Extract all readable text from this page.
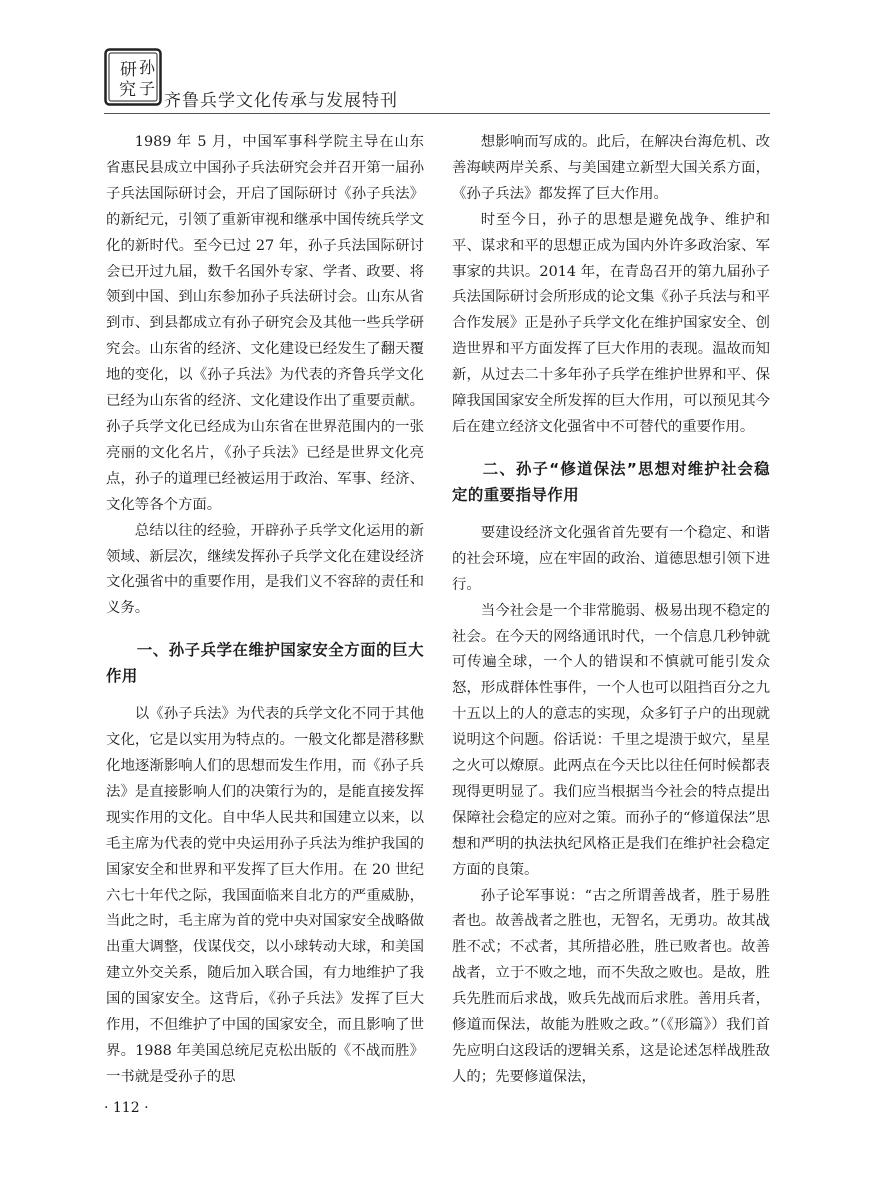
研 孙
究 子
齐鲁兵学文化传承与发展特刊

1989 年 5 月，中国军事科学院主导在山东省惠民县成立中国孙子兵法研究会并召开第一届孙子兵法国际研讨会，开启了国际研讨《孙子兵法》的新纪元，引领了重新审视和继承中国传统兵学文化的新时代。至今已过 27 年，孙子兵法国际研讨会已开过九届，数千名国外专家、学者、政要、将领到中国、到山东参加孙子兵法研讨会。山东从省到市、到县都成立有孙子研究会及其他一些兵学研究会。山东省的经济、文化建设已经发生了翻天覆地的变化，以《孙子兵法》为代表的齐鲁兵学文化已经为山东省的经济、文化建设作出了重要贡献。孙子兵学文化已经成为山东省在世界范围内的一张亮丽的文化名片，《孙子兵法》已经是世界文化亮点，孙子的道理已经被运用于政治、军事、经济、文化等各个方面。

总结以往的经验，开辟孙子兵学文化运用的新领域、新层次，继续发挥孙子兵学文化在建设经济文化强省中的重要作用，是我们义不容辞的责任和义务。

一、孙子兵学在维护国家安全方面的巨大作用

以《孙子兵法》为代表的兵学文化不同于其他文化，它是以实用为特点的。一般文化都是潜移默化地逐渐影响人们的思想而发生作用，而《孙子兵法》是直接影响人们的决策行为的，是能直接发挥现实作用的文化。自中华人民共和国建立以来，以毛主席为代表的党中央运用孙子兵法为维护我国的国家安全和世界和平发挥了巨大作用。在 20 世纪六七十年代之际，我国面临来自北方的严重威胁，当此之时，毛主席为首的党中央对国家安全战略做出重大调整，伐谋伐交，以小球转动大球，和美国建立外交关系，随后加入联合国，有力地维护了我国的国家安全。这背后，《孙子兵法》发挥了巨大作用，不但维护了中国的国家安全，而且影响了世界。1988 年美国总统尼克松出版的《不战而胜》一书就是受孙子的思

想影响而写成的。此后，在解决台海危机、改善海峡两岸关系、与美国建立新型大国关系方面，《孙子兵法》都发挥了巨大作用。

时至今日，孙子的思想是避免战争、维护和平、谋求和平的思想正成为国内外许多政治家、军事家的共识。2014 年，在青岛召开的第九届孙子兵法国际研讨会所形成的论文集《孙子兵法与和平合作发展》正是孙子兵学文化在维护国家安全、创造世界和平方面发挥了巨大作用的表现。温故而知新，从过去二十多年孙子兵学在维护世界和平、保障我国国家安全所发挥的巨大作用，可以预见其今后在建立经济文化强省中不可替代的重要作用。

二、孙子“修道保法”思想对维护社会稳定的重要指导作用

要建设经济文化强省首先要有一个稳定、和谐的社会环境，应在牢固的政治、道德思想引领下进行。

当今社会是一个非常脆弱、极易出现不稳定的社会。在今天的网络通讯时代，一个信息几秒钟就可传遍全球，一个人的错误和不慎就可能引发众怒，形成群体性事件，一个人也可以阻挡百分之九十五以上的人的意志的实现，众多钉子户的出现就说明这个问题。俗话说：千里之堤溃于蚁穴，星星之火可以燎原。此两点在今天比以往任何时候都表现得更明显了。我们应当根据当今社会的特点提出保障社会稳定的应对之策。而孙子的“修道保法”思想和严明的执法执纪风格正是我们在维护社会稳定方面的良策。

孙子论军事说：“古之所谓善战者，胜于易胜者也。故善战者之胜也，无智名，无勇功。故其战胜不忒；不忒者，其所措必胜，胜已败者也。故善战者，立于不败之地，而不失敌之败也。是故，胜兵先胜而后求战，败兵先战而后求胜。善用兵者，修道而保法，故能为胜败之政。”（《形篇》）我们首先应明白这段话的逻辑关系，这是论述怎样战胜敌人的；先要修道保法，

· 112 ·
